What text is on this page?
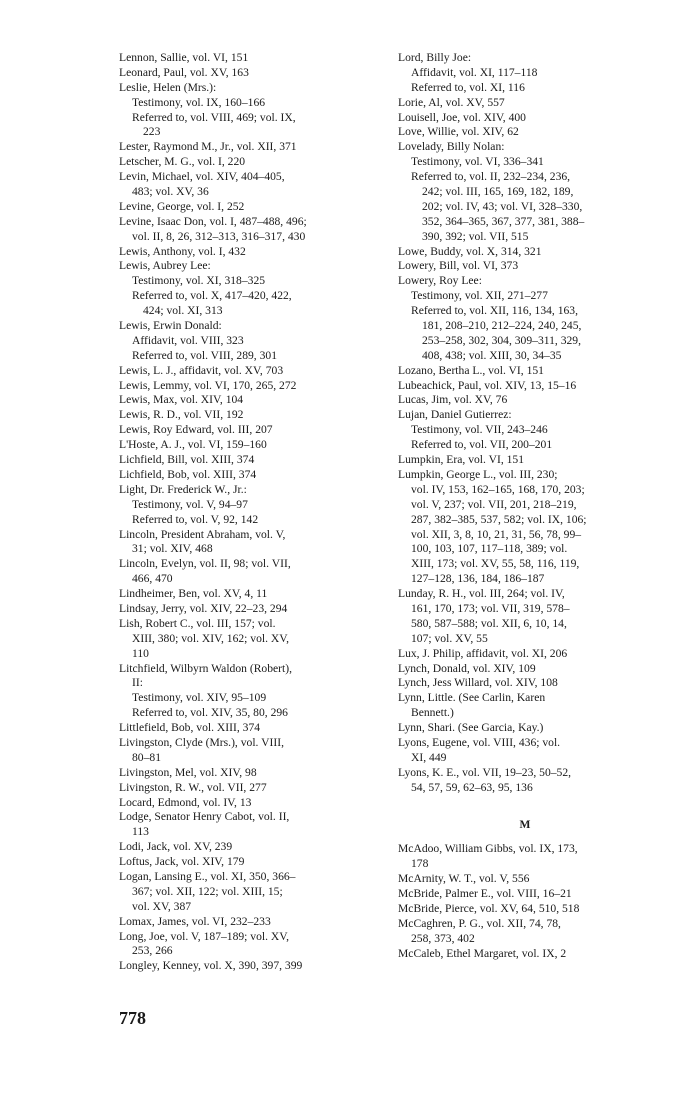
Lennon, Sallie, vol. VI, 151
Leonard, Paul, vol. XV, 163
Leslie, Helen (Mrs.):
Testimony, vol. IX, 160–166
Referred to, vol. VIII, 469; vol. IX,
223
Lester, Raymond M., Jr., vol. XII, 371
Letscher, M. G., vol. I, 220
Levin, Michael, vol. XIV, 404–405,
483; vol. XV, 36
Levine, George, vol. I, 252
Levine, Isaac Don, vol. I, 487–488, 496;
vol. II, 8, 26, 312–313, 316–317, 430
Lewis, Anthony, vol. I, 432
Lewis, Aubrey Lee:
Testimony, vol. XI, 318–325
Referred to, vol. X, 417–420, 422,
424; vol. XI, 313
Lewis, Erwin Donald:
Affidavit, vol. VIII, 323
Referred to, vol. VIII, 289, 301
Lewis, L. J., affidavit, vol. XV, 703
Lewis, Lemmy, vol. VI, 170, 265, 272
Lewis, Max, vol. XIV, 104
Lewis, R. D., vol. VII, 192
Lewis, Roy Edward, vol. III, 207
L'Hoste, A. J., vol. VI, 159–160
Lichfield, Bill, vol. XIII, 374
Lichfield, Bob, vol. XIII, 374
Light, Dr. Frederick W., Jr.:
Testimony, vol. V, 94–97
Referred to, vol. V, 92, 142
Lincoln, President Abraham, vol. V,
31; vol. XIV, 468
Lincoln, Evelyn, vol. II, 98; vol. VII,
466, 470
Lindheimer, Ben, vol. XV, 4, 11
Lindsay, Jerry, vol. XIV, 22–23, 294
Lish, Robert C., vol. III, 157; vol.
XIII, 380; vol. XIV, 162; vol. XV,
110
Litchfield, Wilbyrn Waldon (Robert),
II:
Testimony, vol. XIV, 95–109
Referred to, vol. XIV, 35, 80, 296
Littlefield, Bob, vol. XIII, 374
Livingston, Clyde (Mrs.), vol. VIII,
80–81
Livingston, Mel, vol. XIV, 98
Livingston, R. W., vol. VII, 277
Locard, Edmond, vol. IV, 13
Lodge, Senator Henry Cabot, vol. II,
113
Lodi, Jack, vol. XV, 239
Loftus, Jack, vol. XIV, 179
Logan, Lansing E., vol. XI, 350, 366–
367; vol. XII, 122; vol. XIII, 15;
vol. XV, 387
Lomax, James, vol. VI, 232–233
Long, Joe, vol. V, 187–189; vol. XV,
253, 266
Longley, Kenney, vol. X, 390, 397, 399
Lord, Billy Joe:
Affidavit, vol. XI, 117–118
Referred to, vol. XI, 116
Lorie, Al, vol. XV, 557
Louisell, Joe, vol. XIV, 400
Love, Willie, vol. XIV, 62
Lovelady, Billy Nolan:
Testimony, vol. VI, 336–341
Referred to, vol. II, 232–234, 236,
242; vol. III, 165, 169, 182, 189,
202; vol. IV, 43; vol. VI, 328–330,
352, 364–365, 367, 377, 381, 388–
390, 392; vol. VII, 515
Lowe, Buddy, vol. X, 314, 321
Lowery, Bill, vol. VI, 373
Lowery, Roy Lee:
Testimony, vol. XII, 271–277
Referred to, vol. XII, 116, 134, 163,
181, 208–210, 212–224, 240, 245,
253–258, 302, 304, 309–311, 329,
408, 438; vol. XIII, 30, 34–35
Lozano, Bertha L., vol. VI, 151
Lubeachick, Paul, vol. XIV, 13, 15–16
Lucas, Jim, vol. XV, 76
Lujan, Daniel Gutierrez:
Testimony, vol. VII, 243–246
Referred to, vol. VII, 200–201
Lumpkin, Era, vol. VI, 151
Lumpkin, George L., vol. III, 230;
vol. IV, 153, 162–165, 168, 170, 203;
vol. V, 237; vol. VII, 201, 218–219,
287, 382–385, 537, 582; vol. IX, 106;
vol. XII, 3, 8, 10, 21, 31, 56, 78, 99–
100, 103, 107, 117–118, 389; vol.
XIII, 173; vol. XV, 55, 58, 116, 119,
127–128, 136, 184, 186–187
Lunday, R. H., vol. III, 264; vol. IV,
161, 170, 173; vol. VII, 319, 578–
580, 587–588; vol. XII, 6, 10, 14,
107; vol. XV, 55
Lux, J. Philip, affidavit, vol. XI, 206
Lynch, Donald, vol. XIV, 109
Lynch, Jess Willard, vol. XIV, 108
Lynn, Little. (See Carlin, Karen
Bennett.)
Lynn, Shari. (See Garcia, Kay.)
Lyons, Eugene, vol. VIII, 436; vol.
XI, 449
Lyons, K. E., vol. VII, 19–23, 50–52,
54, 57, 59, 62–63, 95, 136
M
McAdoo, William Gibbs, vol. IX, 173,
178
McArnity, W. T., vol. V, 556
McBride, Palmer E., vol. VIII, 16–21
McBride, Pierce, vol. XV, 64, 510, 518
McCaghren, P. G., vol. XII, 74, 78,
258, 373, 402
McCaleb, Ethel Margaret, vol. IX, 2
778
